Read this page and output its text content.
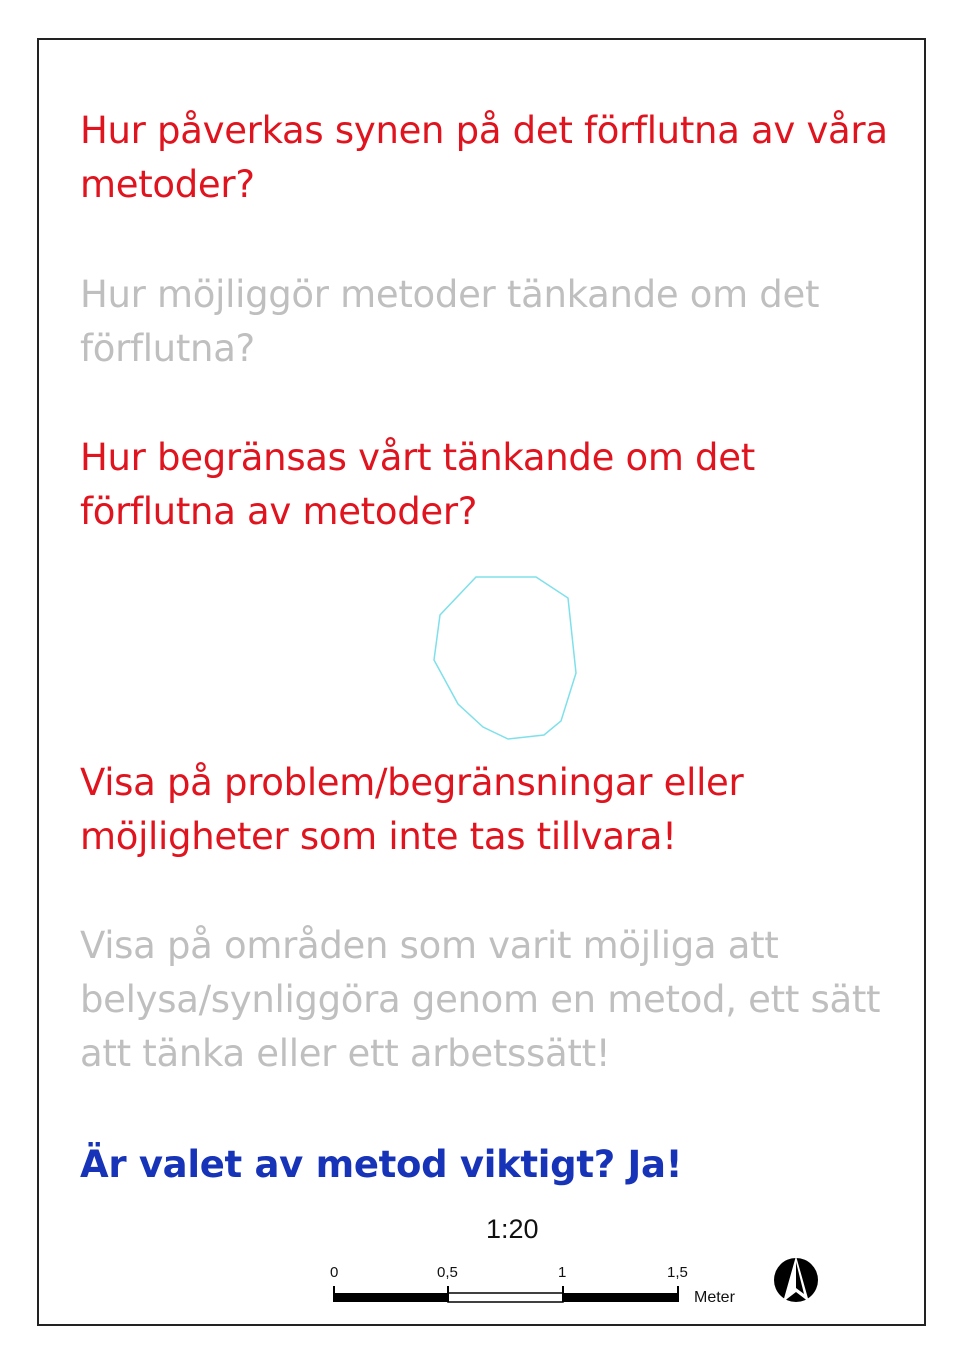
Hur påverkas synen på det förflutna av våra metoder?

Hur möjliggör metoder tänkande om det förflutna?

Hur begränsas vårt tänkande om det förflutna av metoder?

Visa på problem/begränsningar eller möjligheter som inte tas tillvara!

Visa på områden som varit möjliga att belysa/synliggöra genom en metod, ett sätt att tänka eller ett arbetssätt!

Är valet av metod viktigt? Ja!

1:20
0	0,5	1	1,5
Meter
